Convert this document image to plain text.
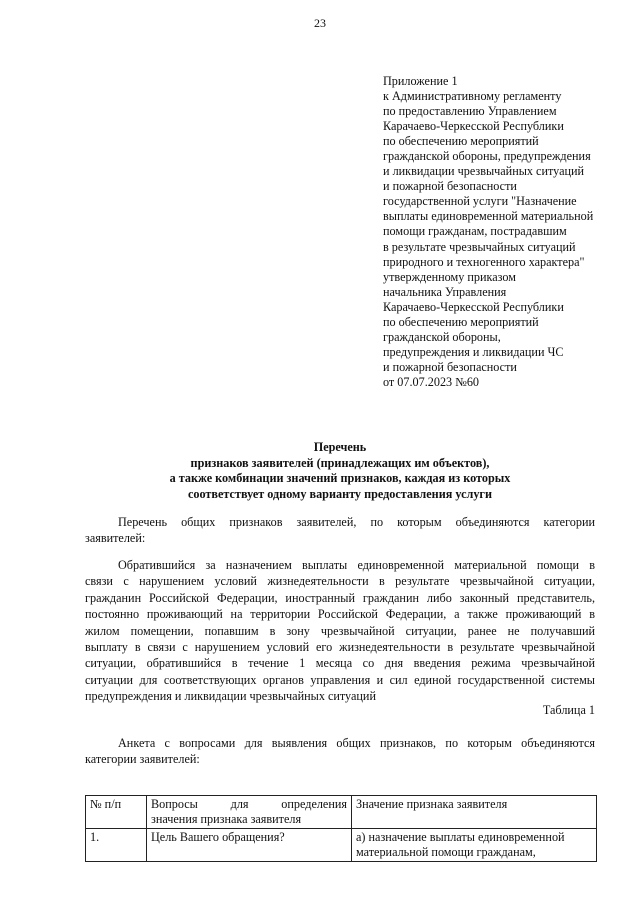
23
Приложение 1
к Административному регламенту
по предоставлению Управлением
Карачаево-Черкесской Республики
по обеспечению мероприятий
гражданской обороны, предупреждения
и ликвидации чрезвычайных ситуаций
и пожарной безопасности
государственной услуги "Назначение
выплаты единовременной материальной
помощи гражданам, пострадавшим
в результате чрезвычайных ситуаций
природного и техногенного характера"
утвержденному приказом
начальника Управления
Карачаево-Черкесской Республики
по обеспечению мероприятий
гражданской обороны,
предупреждения и ликвидации ЧС
и пожарной безопасности
от 07.07.2023 №60
Перечень
признаков заявителей (принадлежащих им объектов),
а также комбинации значений признаков, каждая из которых
соответствует одному варианту предоставления услуги
Перечень общих признаков заявителей, по которым объединяются категории
заявителей:
Обратившийся за назначением выплаты единовременной материальной помощи в
связи с нарушением условий жизнедеятельности в результате чрезвычайной ситуации,
гражданин Российской Федерации, иностранный гражданин либо законный представитель,
постоянно проживающий на территории Российской Федерации, а также проживающий в
жилом помещении, попавшим в зону чрезвычайной ситуации, ранее не получавший
выплату в связи с нарушением условий его жизнедеятельности в результате чрезвычайной
ситуации, обратившийся в течение 1 месяца со дня введения режима чрезвычайной
ситуации для соответствующих органов управления и сил единой государственной системы
предупреждения и ликвидации чрезвычайных ситуаций
Таблица 1
Анкета с вопросами для выявления общих признаков, по которым объединяются
категории заявителей:
№ п/п	Вопросы для определения
значения признака заявителя	Значение признака заявителя
1.	Цель Вашего обращения?	а) назначение выплаты единовременной
материальной помощи гражданам,
